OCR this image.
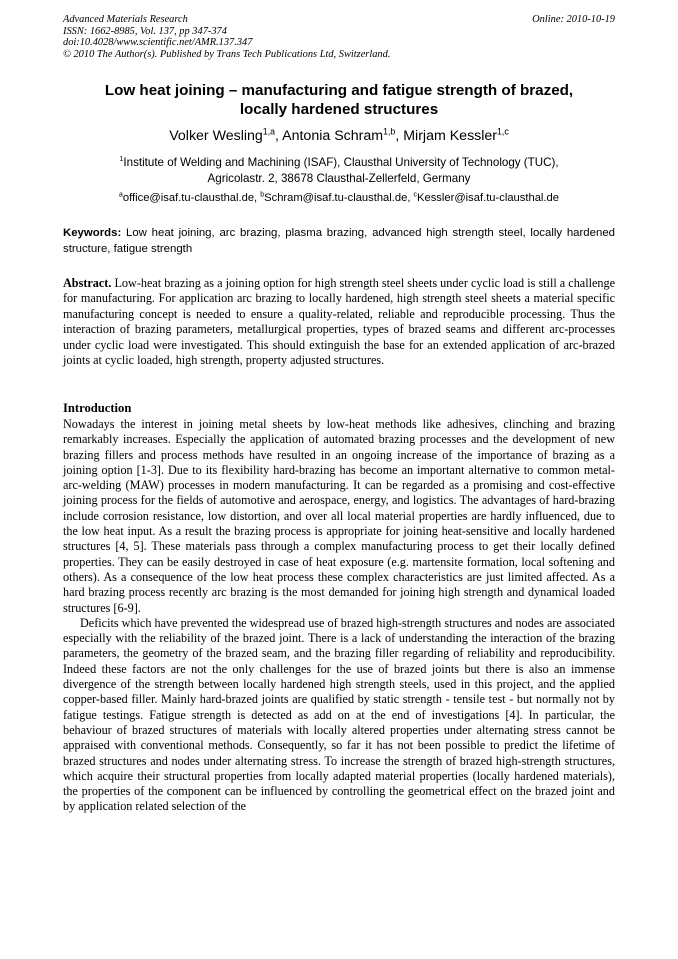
Advanced Materials Research
ISSN: 1662-8985, Vol. 137, pp 347-374
doi:10.4028/www.scientific.net/AMR.137.347
© 2010 The Author(s). Published by Trans Tech Publications Ltd, Switzerland.
Online: 2010-10-19
Low heat joining – manufacturing and fatigue strength of brazed,
locally hardened structures
Volker Wesling$^{1,a}$, Antonia Schram$^{1,b}$, Mirjam Kessler$^{1,c}$
$^1$Institute of Welding and Machining (ISAF), Clausthal University of Technology (TUC),
Agricolastr. 2, 38678 Clausthal-Zellerfeld, Germany
$^a$office@isaf.tu-clausthal.de, $^b$Schram@isaf.tu-clausthal.de, $^c$Kessler@isaf.tu-clausthal.de
Keywords: Low heat joining, arc brazing, plasma brazing, advanced high strength steel, locally hardened structure, fatigue strength
Abstract. Low-heat brazing as a joining option for high strength steel sheets under cyclic load is still a challenge for manufacturing. For application arc brazing to locally hardened, high strength steel sheets a material specific manufacturing concept is needed to ensure a quality-related, reliable and reproducible processing. Thus the interaction of brazing parameters, metallurgical properties, types of brazed seams and different arc-processes under cyclic load were investigated. This should extinguish the base for an extended application of arc-brazed joints at cyclic loaded, high strength, property adjusted structures.
Introduction

Nowadays the interest in joining metal sheets by low-heat methods like adhesives, clinching and brazing remarkably increases. Especially the application of automated brazing processes and the development of new brazing fillers and process methods have resulted in an ongoing increase of the importance of brazing as a joining option [1-3]. Due to its flexibility hard-brazing has become an important alternative to common metal-arc-welding (MAW) processes in modern manufacturing. It can be regarded as a promising and cost-effective joining process for the fields of automotive and aerospace, energy, and logistics. The advantages of hard-brazing include corrosion resistance, low distortion, and over all local material properties are hardly influenced, due to the low heat input. As a result the brazing process is appropriate for joining heat-sensitive and locally hardened structures [4, 5]. These materials pass through a complex manufacturing process to get their locally defined properties. They can be easily destroyed in case of heat exposure (e.g. martensite formation, local softening and others). As a consequence of the low heat process these complex characteristics are just limited affected. As a hard brazing process recently arc brazing is the most demanded for joining high strength and dynamical loaded structures [6-9].

Deficits which have prevented the widespread use of brazed high-strength structures and nodes are associated especially with the reliability of the brazed joint. There is a lack of understanding the interaction of the brazing parameters, the geometry of the brazed seam, and the brazing filler regarding of reliability and reproducibility. Indeed these factors are not the only challenges for the use of brazed joints but there is also an immense divergence of the strength between locally hardened high strength steels, used in this project, and the applied copper-based filler. Mainly hard-brazed joints are qualified by static strength - tensile test - but normally not by fatigue testings. Fatigue strength is detected as add on at the end of investigations [4]. In particular, the behaviour of brazed structures of materials with locally altered properties under alternating stress cannot be appraised with conventional methods. Consequently, so far it has not been possible to predict the lifetime of brazed structures and nodes under alternating stress. To increase the strength of brazed high-strength structures, which acquire their structural properties from locally adapted material properties (locally hardened materials), the properties of the component can be influenced by controlling the geometrical effect on the brazed joint and by application related selection of the
